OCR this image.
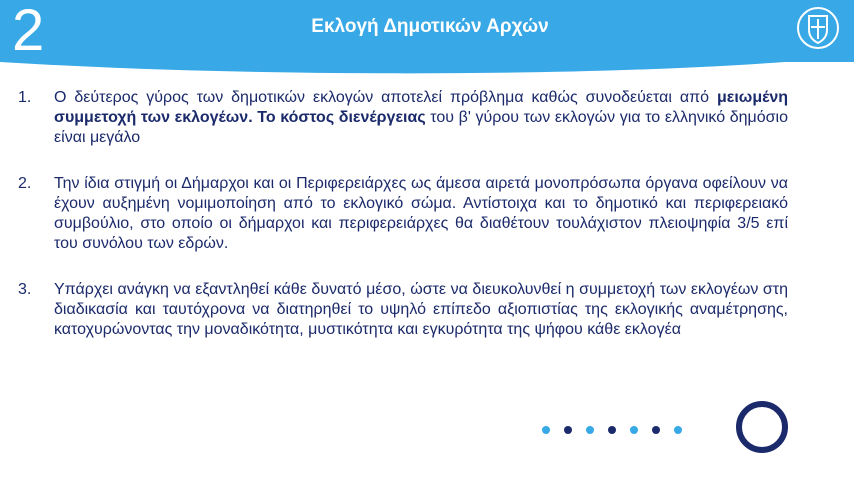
2	Εκλογή Δημοτικών Αρχών
1.	Ο δεύτερος γύρος των δημοτικών εκλογών αποτελεί πρόβλημα καθώς συνοδεύεται από μειωμένη συμμετοχή των εκλογέων. Το κόστος διενέργειας του β' γύρου των εκλογών για το ελληνικό δημόσιο είναι μεγάλο
2.	Την ίδια στιγμή οι Δήμαρχοι και οι Περιφερειάρχες ως άμεσα αιρετά μονοπρόσωπα όργανα οφείλουν να έχουν αυξημένη νομιμοποίηση από το εκλογικό σώμα. Αντίστοιχα και το δημοτικό και περιφερειακό συμβούλιο, στο οποίο οι δήμαρχοι και περιφερειάρχες θα διαθέτουν τουλάχιστον πλειοψηφία 3/5 επί του συνόλου των εδρών.
3.	Υπάρχει ανάγκη να εξαντληθεί κάθε δυνατό μέσο, ώστε να διευκολυνθεί η συμμετοχή των εκλογέων στη διαδικασία και ταυτόχρονα να διατηρηθεί το υψηλό επίπεδο αξιοπιστίας της εκλογικής αναμέτρησης, κατοχυρώνοντας την μοναδικότητα, μυστικότητα και εγκυρότητα της ψήφου κάθε εκλογέα
